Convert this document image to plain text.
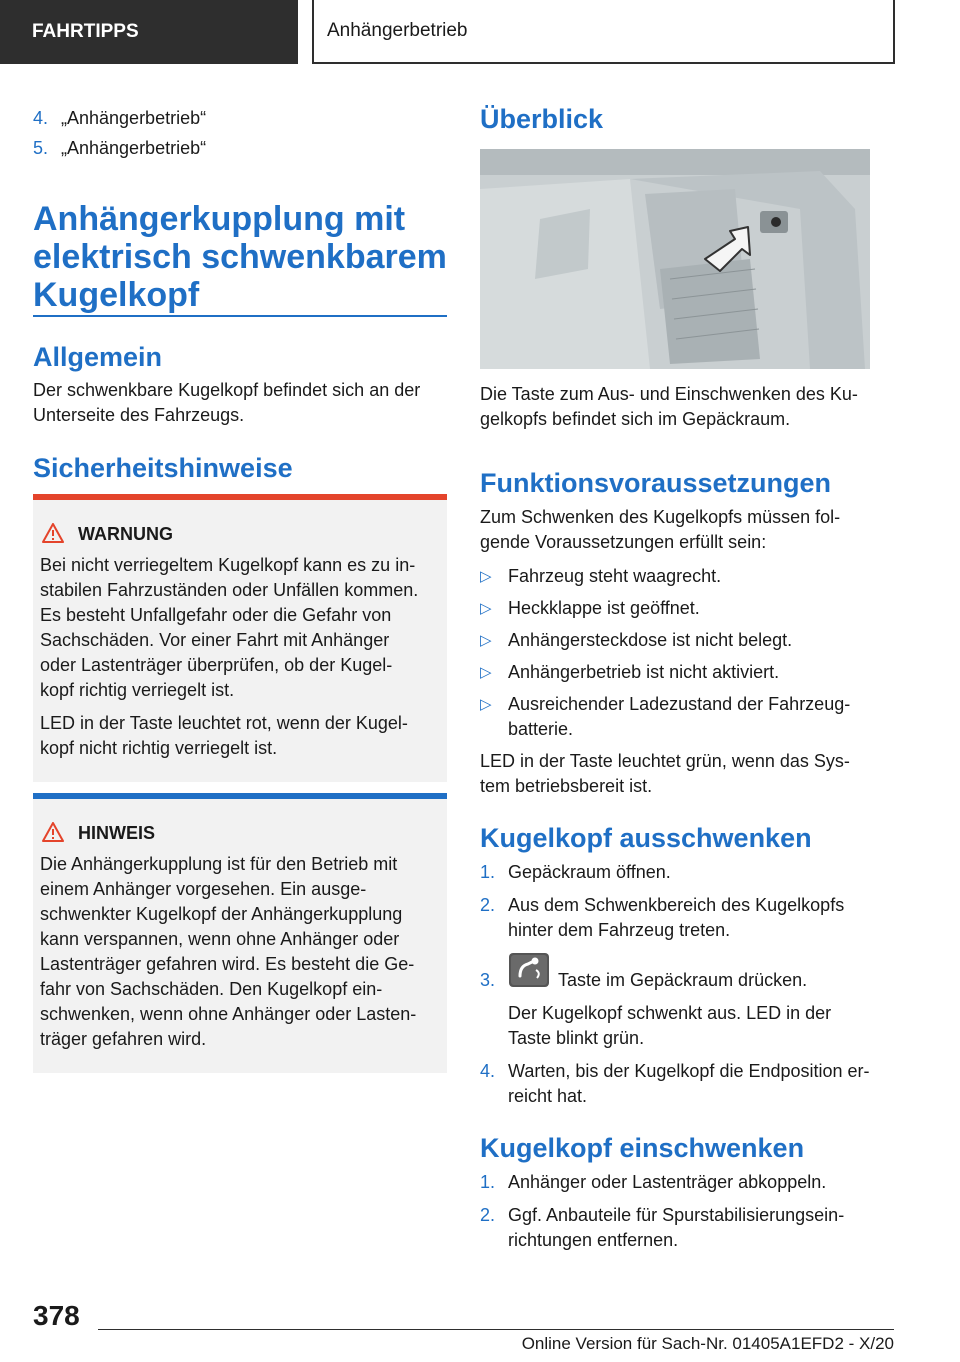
FAHRTIPPS	Anhängerbetrieb
4. „Anhängerbetrieb“
5. „Anhängerbetrieb“
Anhängerkupplung mit
elektrisch schwenkbarem
Kugelkopf
Allgemein
Der schwenkbare Kugelkopf befindet sich an der
Unterseite des Fahrzeugs.
Sicherheitshinweise
WARNUNG
Bei nicht verriegeltem Kugelkopf kann es zu in-
stabilen Fahrzuständen oder Unfällen kommen.
Es besteht Unfallgefahr oder die Gefahr von
Sachschäden. Vor einer Fahrt mit Anhänger
oder Lastenträger überprüfen, ob der Kugel-
kopf richtig verriegelt ist.
LED in der Taste leuchtet rot, wenn der Kugel-
kopf nicht richtig verriegelt ist.
HINWEIS
Die Anhängerkupplung ist für den Betrieb mit
einem Anhänger vorgesehen. Ein ausge-
schwenkter Kugelkopf der Anhängerkupplung
kann verspannen, wenn ohne Anhänger oder
Lastenträger gefahren wird. Es besteht die Ge-
fahr von Sachschäden. Den Kugelkopf ein-
schwenken, wenn ohne Anhänger oder Lasten-
träger gefahren wird.
Überblick
Die Taste zum Aus- und Einschwenken des Ku-
gelkopfs befindet sich im Gepäckraum.
Funktionsvoraussetzungen
Zum Schwenken des Kugelkopfs müssen fol-
gende Voraussetzungen erfüllt sein:
▷ Fahrzeug steht waagrecht.
▷ Heckklappe ist geöffnet.
▷ Anhängersteckdose ist nicht belegt.
▷ Anhängerbetrieb ist nicht aktiviert.
▷ Ausreichender Ladezustand der Fahrzeug-
batterie.
LED in der Taste leuchtet grün, wenn das Sys-
tem betriebsbereit ist.
Kugelkopf ausschwenken
1. Gepäckraum öffnen.
2. Aus dem Schwenkbereich des Kugelkopfs
hinter dem Fahrzeug treten.
3.	Taste im Gepäckraum drücken.
Der Kugelkopf schwenkt aus. LED in der
Taste blinkt grün.
4. Warten, bis der Kugelkopf die Endposition er-
reicht hat.
Kugelkopf einschwenken
1. Anhänger oder Lastenträger abkoppeln.
2. Ggf. Anbauteile für Spurstabilisierungsein-
richtungen entfernen.
378
Online Version für Sach-Nr. 01405A1EFD2 - X/20
